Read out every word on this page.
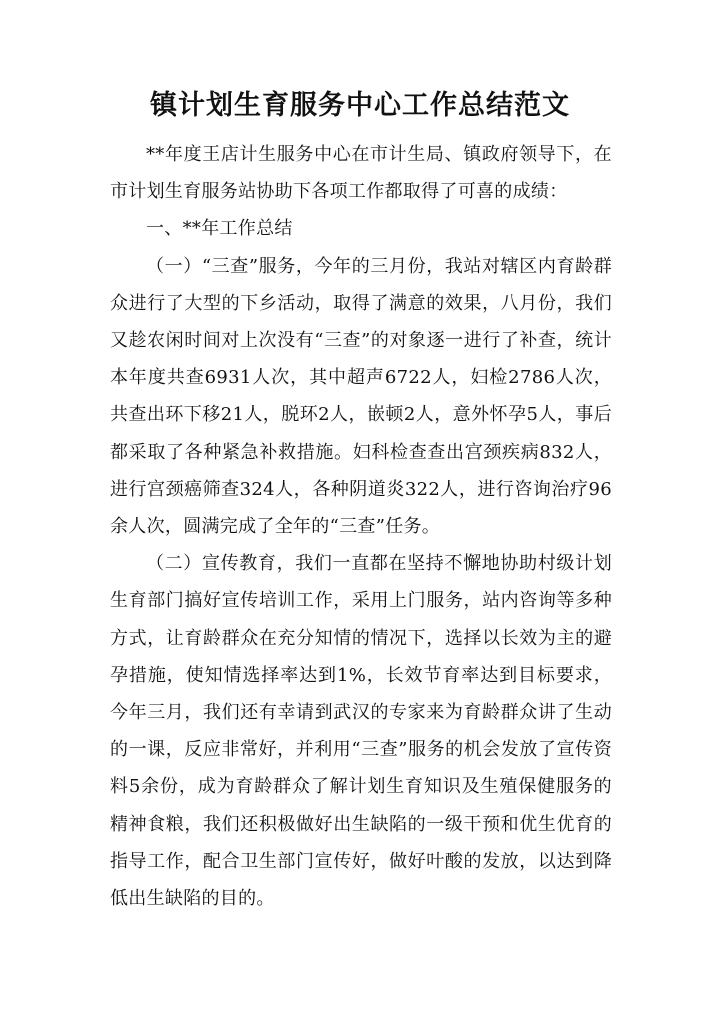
镇计划生育服务中心工作总结范文

**年度王店计生服务中心在市计生局、镇政府领导下，在市计划生育服务站协助下各项工作都取得了可喜的成绩：

一、**年工作总结

（一）“三查”服务，今年的三月份，我站对辖区内育龄群众进行了大型的下乡活动，取得了满意的效果，八月份，我们又趁农闲时间对上次没有“三查”的对象逐一进行了补查，统计本年度共查6931人次，其中超声6722人，妇检2786人次，共查出环下移21人，脱环2人，嵌顿2人，意外怀孕5人，事后都采取了各种紧急补救措施。妇科检查查出宫颈疾病832人，进行宫颈癌筛查324人，各种阴道炎322人，进行咨询治疗96余人次，圆满完成了全年的“三查”任务。

（二）宣传教育，我们一直都在坚持不懈地协助村级计划生育部门搞好宣传培训工作，采用上门服务，站内咨询等多种方式，让育龄群众在充分知情的情况下，选择以长效为主的避孕措施，使知情选择率达到1%，长效节育率达到目标要求，今年三月，我们还有幸请到武汉的专家来为育龄群众讲了生动的一课，反应非常好，并利用“三查”服务的机会发放了宣传资料5余份，成为育龄群众了解计划生育知识及生殖保健服务的精神食粮，我们还积极做好出生缺陷的一级干预和优生优育的指导工作，配合卫生部门宣传好，做好叶酸的发放，以达到降低出生缺陷的目的。
